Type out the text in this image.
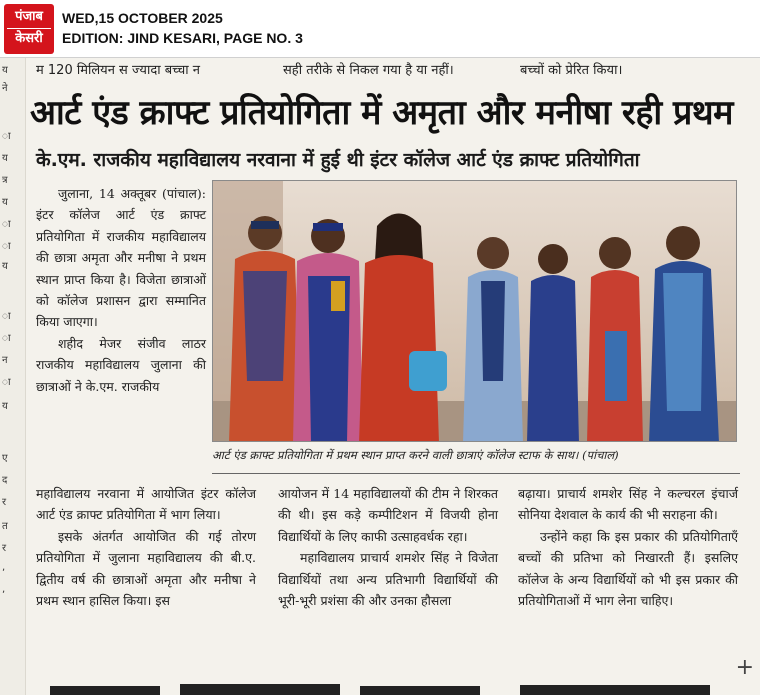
पंजाब
केसरी
WED,15 OCTOBER 2025
EDITION: JIND KESARI, PAGE NO. 3
य
ने
ा
य
त्र
य
ा
ा
य
ा
ा
न
ा
य
ए
द
र
त
र
,
,
म 120 मिलियन स ज्यादा बच्चा न	सही तरीके से निकल गया है या नहीं।	बच्चों को प्रेरित किया।
आर्ट एंड क्राफ्ट प्रतियोगिता में अमृता और मनीषा रही प्रथम
के.एम. राजकीय महाविद्यालय नरवाना में हुई थी इंटर कॉलेज आर्ट एंड क्राफ्ट प्रतियोगिता

जुलाना, 14 अक्तूबर (पांचाल): इंटर कॉलेज आर्ट एंड क्राफ्ट प्रतियोगिता में राजकीय महाविद्यालय की छात्रा अमृता और मनीषा ने प्रथम स्थान प्राप्त किया है। विजेता छात्राओं को कॉलेज प्रशासन द्वारा सम्मानित किया जाएगा।

शहीद मेजर संजीव लाठर राजकीय महाविद्यालय जुलाना की छात्राओं ने के.एम. राजकीय

महाविद्यालय नरवाना में आयोजित इंटर कॉलेज आर्ट एंड क्राफ्ट प्रतियोगिता में भाग लिया।

इसके अंतर्गत आयोजित की गई तोरण प्रतियोगिता में जुलाना महाविद्यालय की बी.ए. द्वितीय वर्ष की छात्राओं अमृता और मनीषा ने प्रथम स्थान हासिल किया। इस

आयोजन में 14 महाविद्यालयों की टीम ने शिरकत की थी। इस कड़े कम्पीटिशन में विजयी होना विद्यार्थियों के लिए काफी उत्साहवर्धक रहा।

महाविद्यालय प्राचार्य शमशेर सिंह ने विजेता विद्यार्थियों तथा अन्य प्रतिभागी विद्यार्थियों की भूरी-भूरी प्रशंसा की और उनका हौसला

बढ़ाया। प्राचार्य शमशेर सिंह ने कल्चरल इंचार्ज सोनिया देशवाल के कार्य की भी सराहना की।

उन्होंने कहा कि इस प्रकार की प्रतियोगिताएँ बच्चों की प्रतिभा को निखारती हैं। इसलिए कॉलेज के अन्य विद्यार्थियों को भी इस प्रकार की प्रतियोगिताओं में भाग लेना चाहिए।

आर्ट एंड क्राफ्ट प्रतियोगिता में प्रथम स्थान प्राप्त करने वाली छात्राएं कॉलेज स्टाफ के साथ। (पांचाल)
+
